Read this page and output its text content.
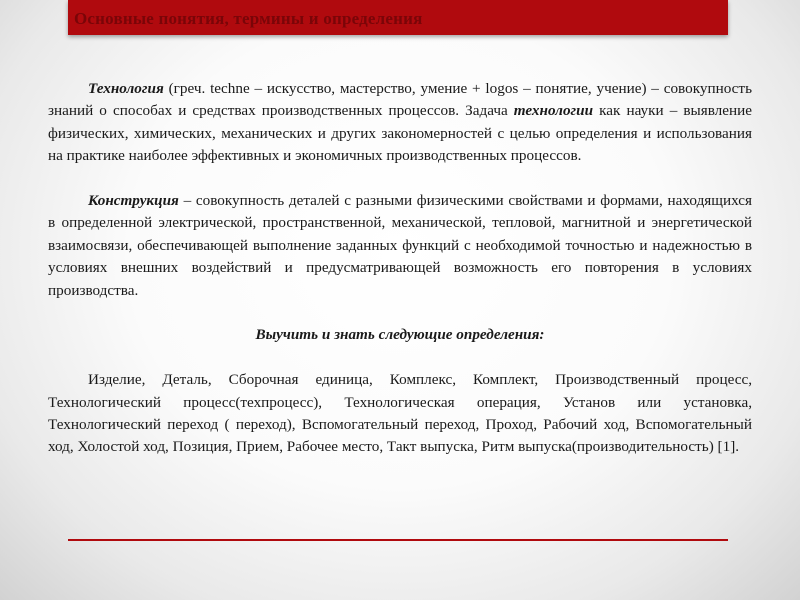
Основные понятия, термины и определения

Технология (греч. techne – искусство, мастерство, умение + logos – понятие, учение) – совокупность знаний о способах и средствах производственных процессов. Задача технологии как науки – выявление физических, химических, механических и других закономерностей с целью определения и использования на практике наиболее эффективных и экономичных производственных процессов.

Конструкция – совокупность деталей с разными физическими свойствами и формами, находящихся в определенной электрической, пространственной, механической, тепловой, магнитной и энергетической взаимосвязи, обеспечивающей выполнение заданных функций с необходимой точностью и надежностью в условиях внешних воздействий и предусматривающей возможность его повторения в условиях производства.

Выучить и знать следующие определения:

Изделие, Деталь, Сборочная единица, Комплекс, Комплект, Производственный процесс, Технологический процесс(техпроцесс), Технологическая операция, Установ или установка, Технологический переход ( переход), Вспомогательный переход, Проход, Рабочий ход, Вспомогательный ход, Холостой ход, Позиция, Прием, Рабочее место, Такт выпуска, Ритм выпуска(производительность) [1].
